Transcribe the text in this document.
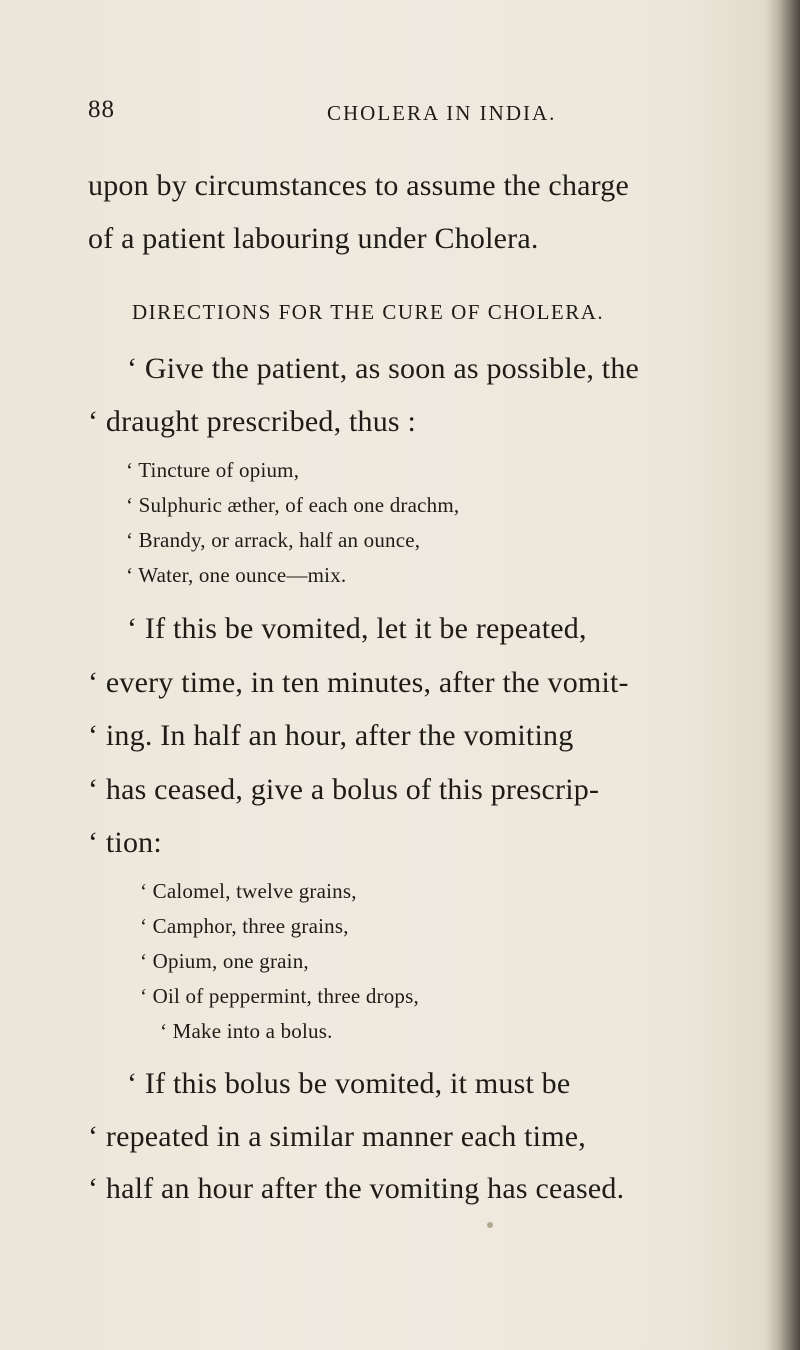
88	CHOLERA IN INDIA.
upon by circumstances to assume the charge
of a patient labouring under Cholera.
DIRECTIONS FOR THE CURE OF CHOLERA.
‘ Give the patient, as soon as possible, the
‘ draught prescribed, thus :
‘ Tincture of opium,
‘ Sulphuric æther, of each one drachm,
‘ Brandy, or arrack, half an ounce,
‘ Water, one ounce—mix.
‘ If this be vomited, let it be repeated,
‘ every time, in ten minutes, after the vomit-
‘ ing. In half an hour, after the vomiting
‘ has ceased, give a bolus of this prescrip-
‘ tion:
‘ Calomel, twelve grains,
‘ Camphor, three grains,
‘ Opium, one grain,
‘ Oil of peppermint, three drops,
‘ Make into a bolus.
‘ If this bolus be vomited, it must be
‘ repeated in a similar manner each time,
‘ half an hour after the vomiting has ceased.
